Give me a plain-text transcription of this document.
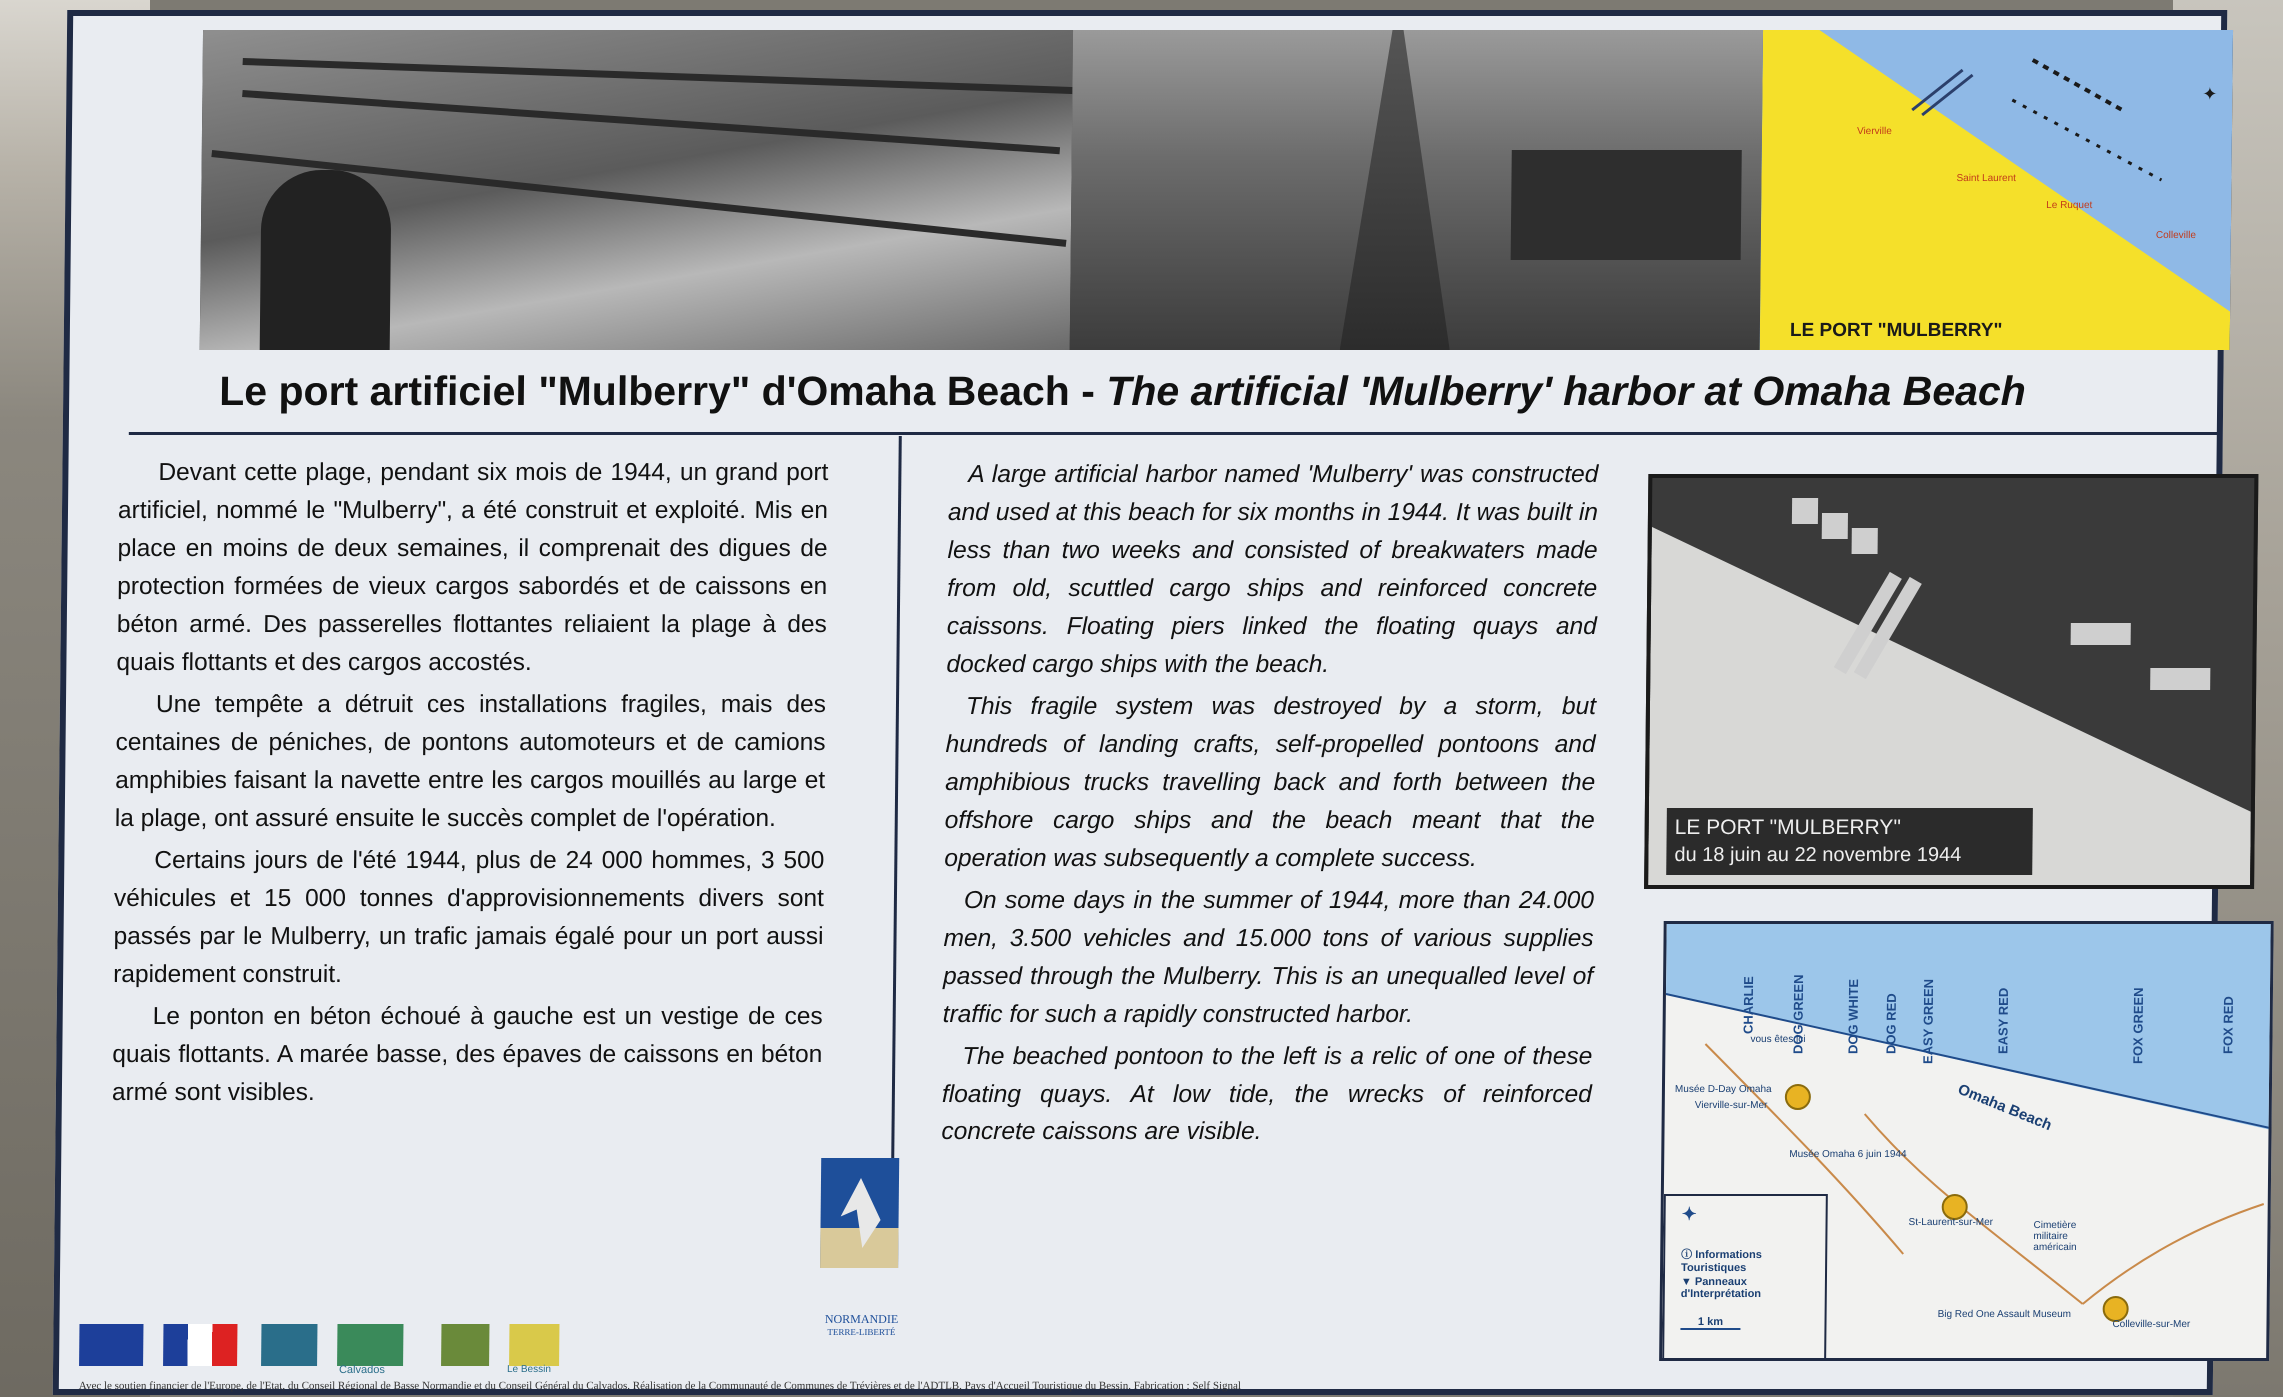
✦
Vierville
Saint Laurent
Le Ruquet
Colleville
LE PORT "MULBERRY"
Le port artificiel "Mulberry" d'Omaha Beach - The artificial 'Mulberry' harbor at Omaha Beach

Devant cette plage, pendant six mois de 1944, un grand port artificiel, nommé le "Mulberry", a été construit et exploité. Mis en place en moins de deux semaines, il comprenait des digues de protection formées de vieux cargos sabordés et de caissons en béton armé. Des passerelles flottantes reliaient la plage à des quais flottants et des cargos accostés.

Une tempête a détruit ces installations fragiles, mais des centaines de péniches, de pontons automoteurs et de camions amphibies faisant la navette entre les cargos mouillés au large et la plage, ont assuré ensuite le succès complet de l'opération.

Certains jours de l'été 1944, plus de 24 000 hommes, 3 500 véhicules et 15 000 tonnes d'approvisionnements divers sont passés par le Mulberry, un trafic jamais égalé pour un port aussi rapidement construit.

Le ponton en béton échoué à gauche est un vestige de ces quais flottants. A marée basse, des épaves de caissons en béton armé sont visibles.

A large artificial harbor named 'Mulberry' was constructed and used at this beach for six months in 1944. It was built in less than two weeks and consisted of breakwaters made from old, scuttled cargo ships and reinforced concrete caissons. Floating piers linked the floating quays and docked cargo ships with the beach.

This fragile system was destroyed by a storm, but hundreds of landing crafts, self-propelled pontoons and amphibious trucks travelling back and forth between the offshore cargo ships and the beach meant that the operation was subsequently a complete success.

On some days in the summer of 1944, more than 24.000 men, 3.500 vehicles and 15.000 tons of various supplies passed through the Mulberry. This is an unequalled level of traffic for such a rapidly constructed harbor.

The beached pontoon to the left is a relic of one of these floating quays. At low tide, the wrecks of reinforced concrete caissons are visible.

LE PORT "MULBERRY"
du 18 juin au 22 novembre 1944
CHARLIE	DOG GREEN	DOG WHITE DOG RED EASY GREEN	EASY RED	FOX GREEN	FOX RED
Omaha Beach
vous êtes ici
Musée D-Day Omaha
Vierville-sur-Mer
Musée Omaha 6 juin 1944
St-Laurent-sur-Mer	Cimetière militaire américain
Big Red One Assault Museum
Colleville-sur-Mer
✦
ⓘ Informations Touristiques
▼ Panneaux d'Interprétation
1 km
NORMANDIE
TERRE-LIBERTÉ
Calvados	Le Bessin
Avec le soutien financier de l'Europe, de l'Etat, du Conseil Régional de Basse Normandie et du Conseil Général du Calvados. Réalisation de la Communauté de Communes de Trévières et de l'ADTLB, Pays d'Accueil Touristique du Bessin. Fabrication : Self Signal
